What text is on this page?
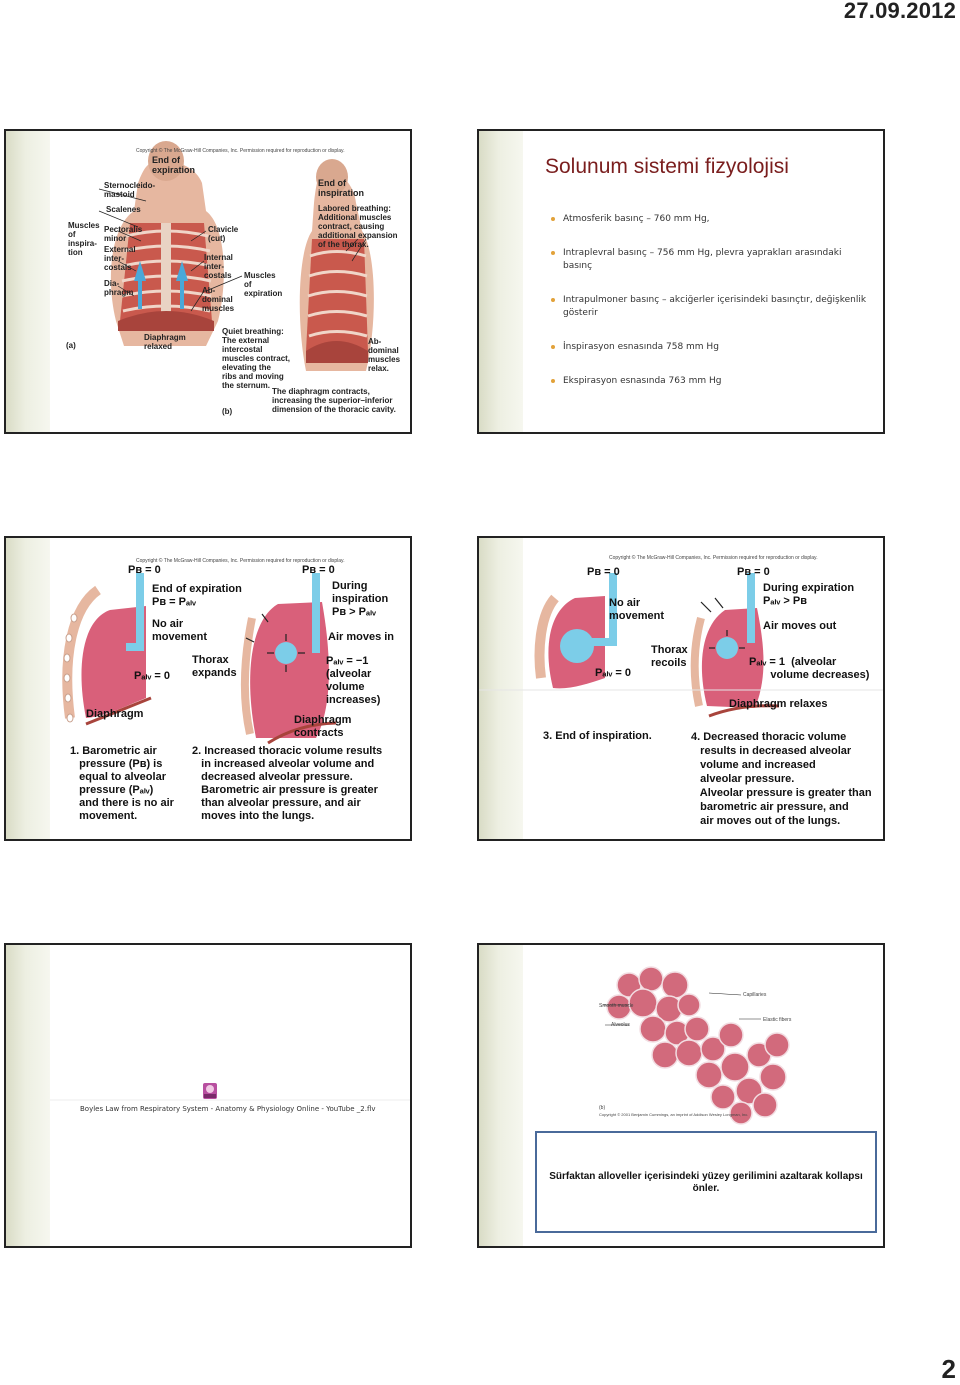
27.09.2012
Copyright © The McGraw-Hill Companies, Inc. Permission required for reproduction or display.
End of
expiration
End of
inspiration
Sternocleido-
mastoid
Scalenes
Muscles
of
inspira-
tion
Pectoralis
minor
External
inter-
costals
Dia-
phragm
Clavicle
(cut)
Internal
inter-
costals
Ab-
dominal
muscles
Muscles
of
expiration
Labored breathing:
Additional muscles
contract, causing
additional expansion
of the thorax.
(a)
Diaphragm
relaxed
Quiet breathing:
The external
intercostal
muscles contract,
elevating the
ribs and moving
the sternum.
Ab-
dominal
muscles
relax.
The diaphragm contracts,
increasing the superior–inferior
dimension of the thoracic cavity.
(b)
Solunum sistemi fizyolojisi
Atmosferik basınç – 760 mm Hg,
Intraplevral basınç – 756 mm Hg, plevra yaprakları arasındaki basınç
Intrapulmoner basınç – akciğerler içerisindeki basınçtır, değişkenlik gösterir
İnspirasyon esnasında 758 mm Hg
Ekspirasyon esnasında 763 mm Hg
Copyright © The McGraw-Hill Companies, Inc. Permission required for reproduction or display.
Pʙ = 0	Pʙ = 0
End of expiration
Pʙ = Pₐₗᵥ
No air
movement
Pₐₗᵥ = 0
Thorax
expands
Diaphragm
During
inspiration
Pʙ > Pₐₗᵥ
Air moves in
Pₐₗᵥ = −1
(alveolar
volume
increases)
Diaphragm
contracts
1. Barometric air
pressure (Pʙ) is
equal to alveolar
pressure (Pₐₗᵥ)
and there is no air
movement.
2. Increased thoracic volume results
in increased alveolar volume and
decreased alveolar pressure.
Barometric air pressure is greater
than alveolar pressure, and air
moves into the lungs.
Copyright © The McGraw-Hill Companies, Inc. Permission required for reproduction or display.
Pʙ = 0	Pʙ = 0
No air
movement
Thorax
recoils
Pₐₗᵥ = 0
During expiration
Pₐₗᵥ > Pʙ
Air moves out
Pₐₗᵥ = 1  (alveolar
volume decreases)
Diaphragm relaxes
3. End of inspiration.	4. Decreased thoracic volume
results in decreased alveolar
volume and increased
alveolar pressure.
Alveolar pressure is greater than
barometric air pressure, and
air moves out of the lungs.
Boyles Law from Respiratory System - Anatomy & Physiology Online - YouTube _2.flv
Smooth muscle
Capillaries
Alveolus
Elastic fibers
(b)
Copyright © 2001 Benjamin Cummings, an imprint of Addison Wesley Longman, Inc.
Sürfaktan alloveller içerisindeki yüzey gerilimini azaltarak kollapsı önler.
2
